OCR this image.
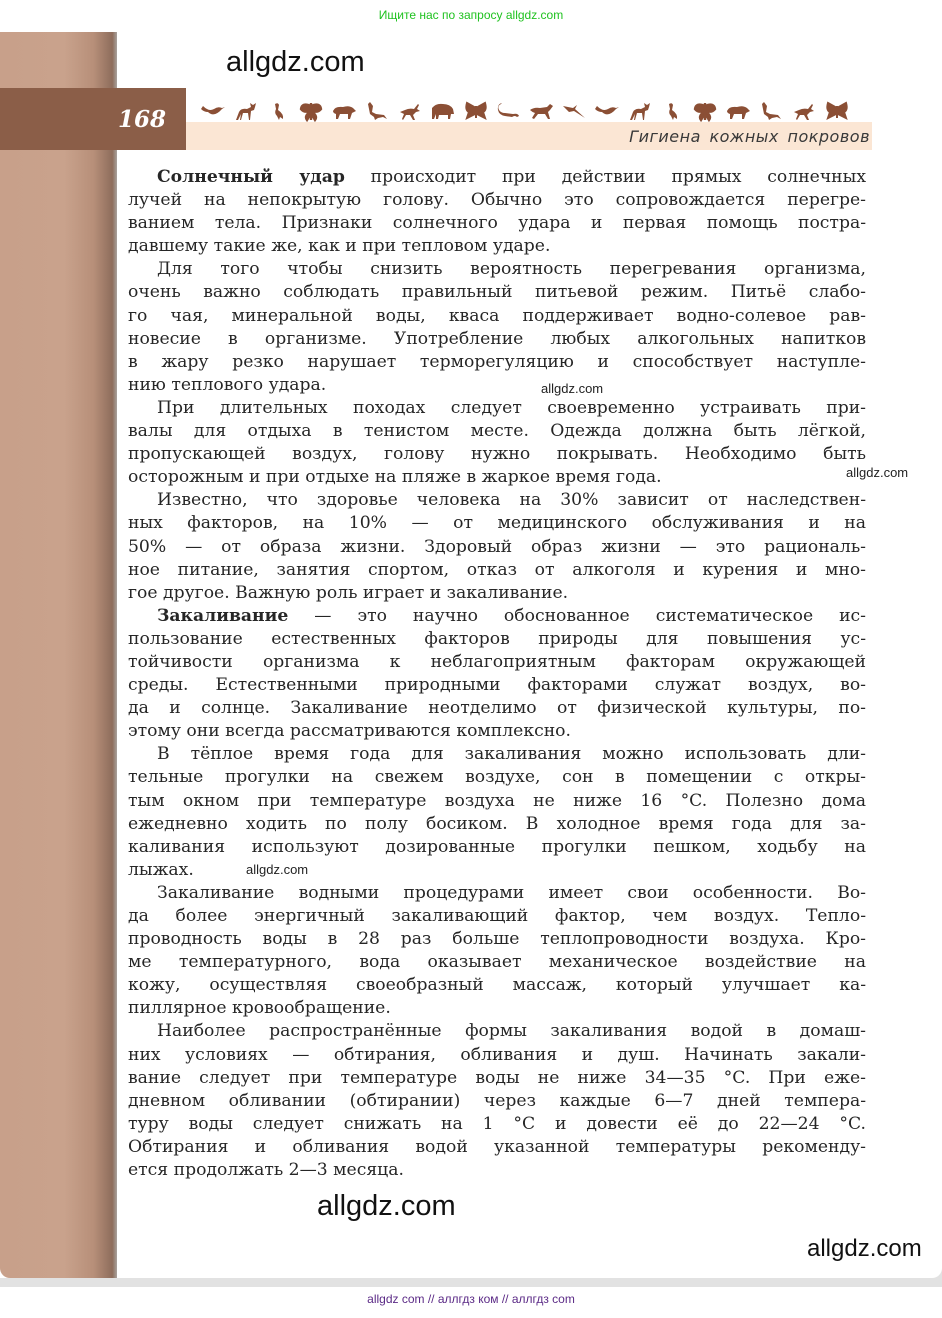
Ищите нас по запросу allgdz.com
allgdz.com
168
Гигиена кожных покровов
Солнечный удар происходит при действии прямых солнечных
лучей на непокрытую голову. Обычно это сопровождается перегре-
ванием тела. Признаки солнечного удара и первая помощь постра-
давшему такие же, как и при тепловом ударе.
Для того чтобы снизить вероятность перегревания организма,
очень важно соблюдать правильный питьевой режим. Питьё слабо-
го чая, минеральной воды, кваса поддерживает водно-солевое рав-
новесие в организме. Употребление любых алкогольных напитков
в жару резко нарушает терморегуляцию и способствует наступле-
нию теплового удара.
При длительных походах следует своевременно устраивать при-
валы для отдыха в тенистом месте. Одежда должна быть лёгкой,
пропускающей воздух, голову нужно покрывать. Необходимо быть
осторожным и при отдыхе на пляже в жаркое время года.
Известно, что здоровье человека на 30% зависит от наследствен-
ных факторов, на 10% — от медицинского обслуживания и на
50% — от образа жизни. Здоровый образ жизни — это рациональ-
ное питание, занятия спортом, отказ от алкоголя и курения и мно-
гое другое. Важную роль играет и закаливание.
Закаливание — это научно обоснованное систематическое ис-
пользование естественных факторов природы для повышения ус-
тойчивости организма к неблагоприятным факторам окружающей
среды. Естественными природными факторами служат воздух, во-
да и солнце. Закаливание неотделимо от физической культуры, по-
этому они всегда рассматриваются комплексно.
В тёплое время года для закаливания можно использовать дли-
тельные прогулки на свежем воздухе, сон в помещении с откры-
тым окном при температуре воздуха не ниже 16 °C. Полезно дома
ежедневно ходить по полу босиком. В холодное время года для за-
каливания используют дозированные прогулки пешком, ходьбу на
лыжах.
Закаливание водными процедурами имеет свои особенности. Во-
да более энергичный закаливающий фактор, чем воздух. Тепло-
проводность воды в 28 раз больше теплопроводности воздуха. Кро-
ме температурного, вода оказывает механическое воздействие на
кожу, осуществляя своеобразный массаж, который улучшает ка-
пиллярное кровообращение.
Наиболее распространённые формы закаливания водой в домаш-
них условиях — обтирания, обливания и душ. Начинать закали-
вание следует при температуре воды не ниже 34—35 °C. При еже-
дневном обливании (обтирании) через каждые 6—7 дней темпера-
туру воды следует снижать на 1 °C и довести её до 22—24 °C.
Обтирания и обливания водой указанной температуры рекоменду-
ется продолжать 2—3 месяца.
allgdz.com
allgdz.com
allgdz.com
allgdz.com
allgdz.com
allgdz com // аллгдз ком // аллгдз com
